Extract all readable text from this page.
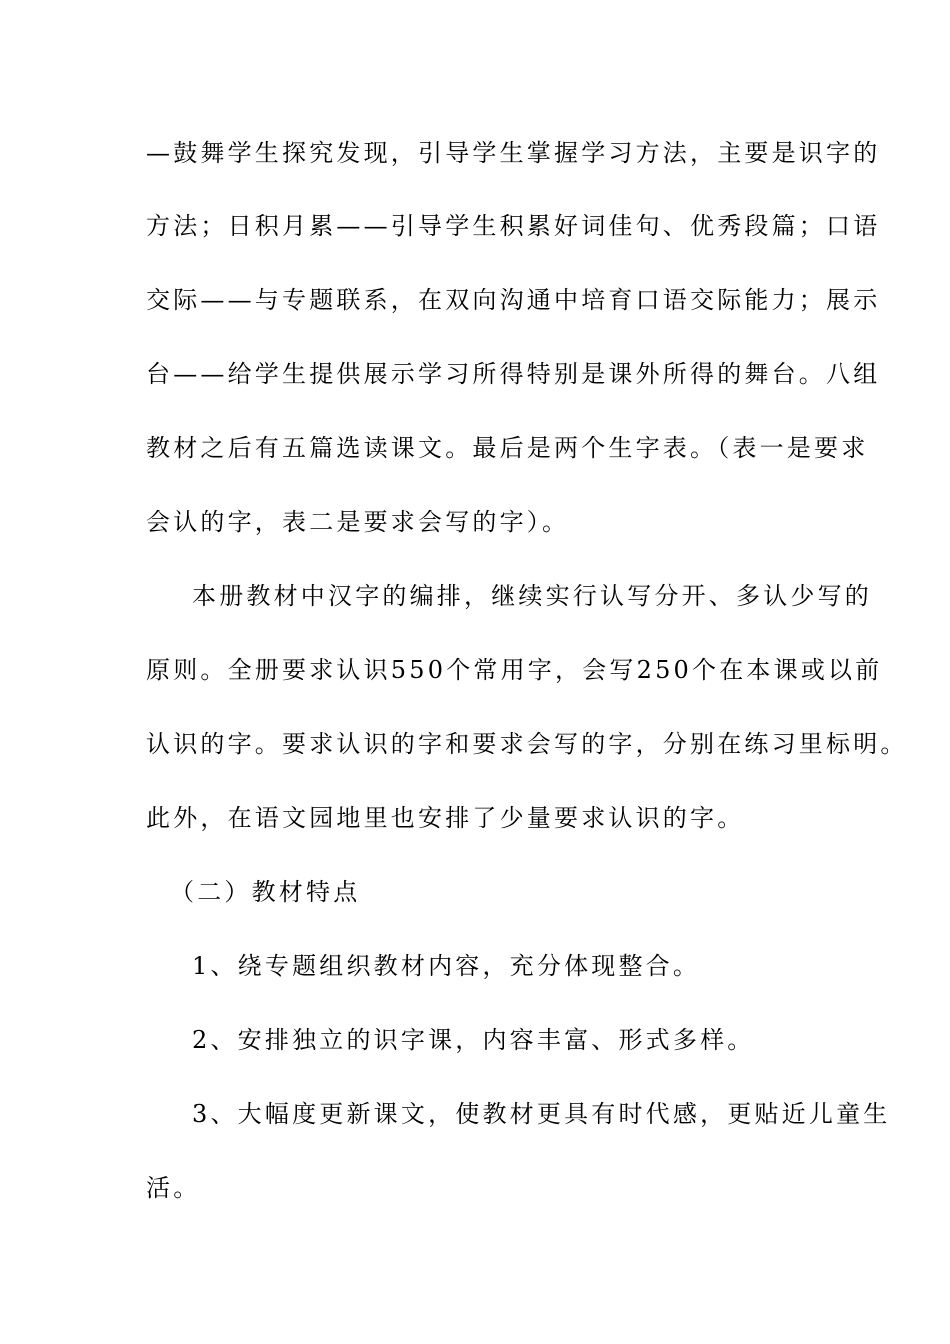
—鼓舞学生探究发现，引导学生掌握学习方法，主要是识字的
方法；日积月累——引导学生积累好词佳句、优秀段篇；口语
交际——与专题联系，在双向沟通中培育口语交际能力；展示
台——给学生提供展示学习所得特别是课外所得的舞台。八组
教材之后有五篇选读课文。最后是两个生字表。（表一是要求
会认的字，表二是要求会写的字）。
本册教材中汉字的编排，继续实行认写分开、多认少写的
原则。全册要求认识550个常用字，会写250个在本课或以前
认识的字。要求认识的字和要求会写的字，分别在练习里标明。
此外，在语文园地里也安排了少量要求认识的字。
（二）教材特点
1、绕专题组织教材内容，充分体现整合。
2、安排独立的识字课，内容丰富、形式多样。
3、大幅度更新课文，使教材更具有时代感，更贴近儿童生
活。
